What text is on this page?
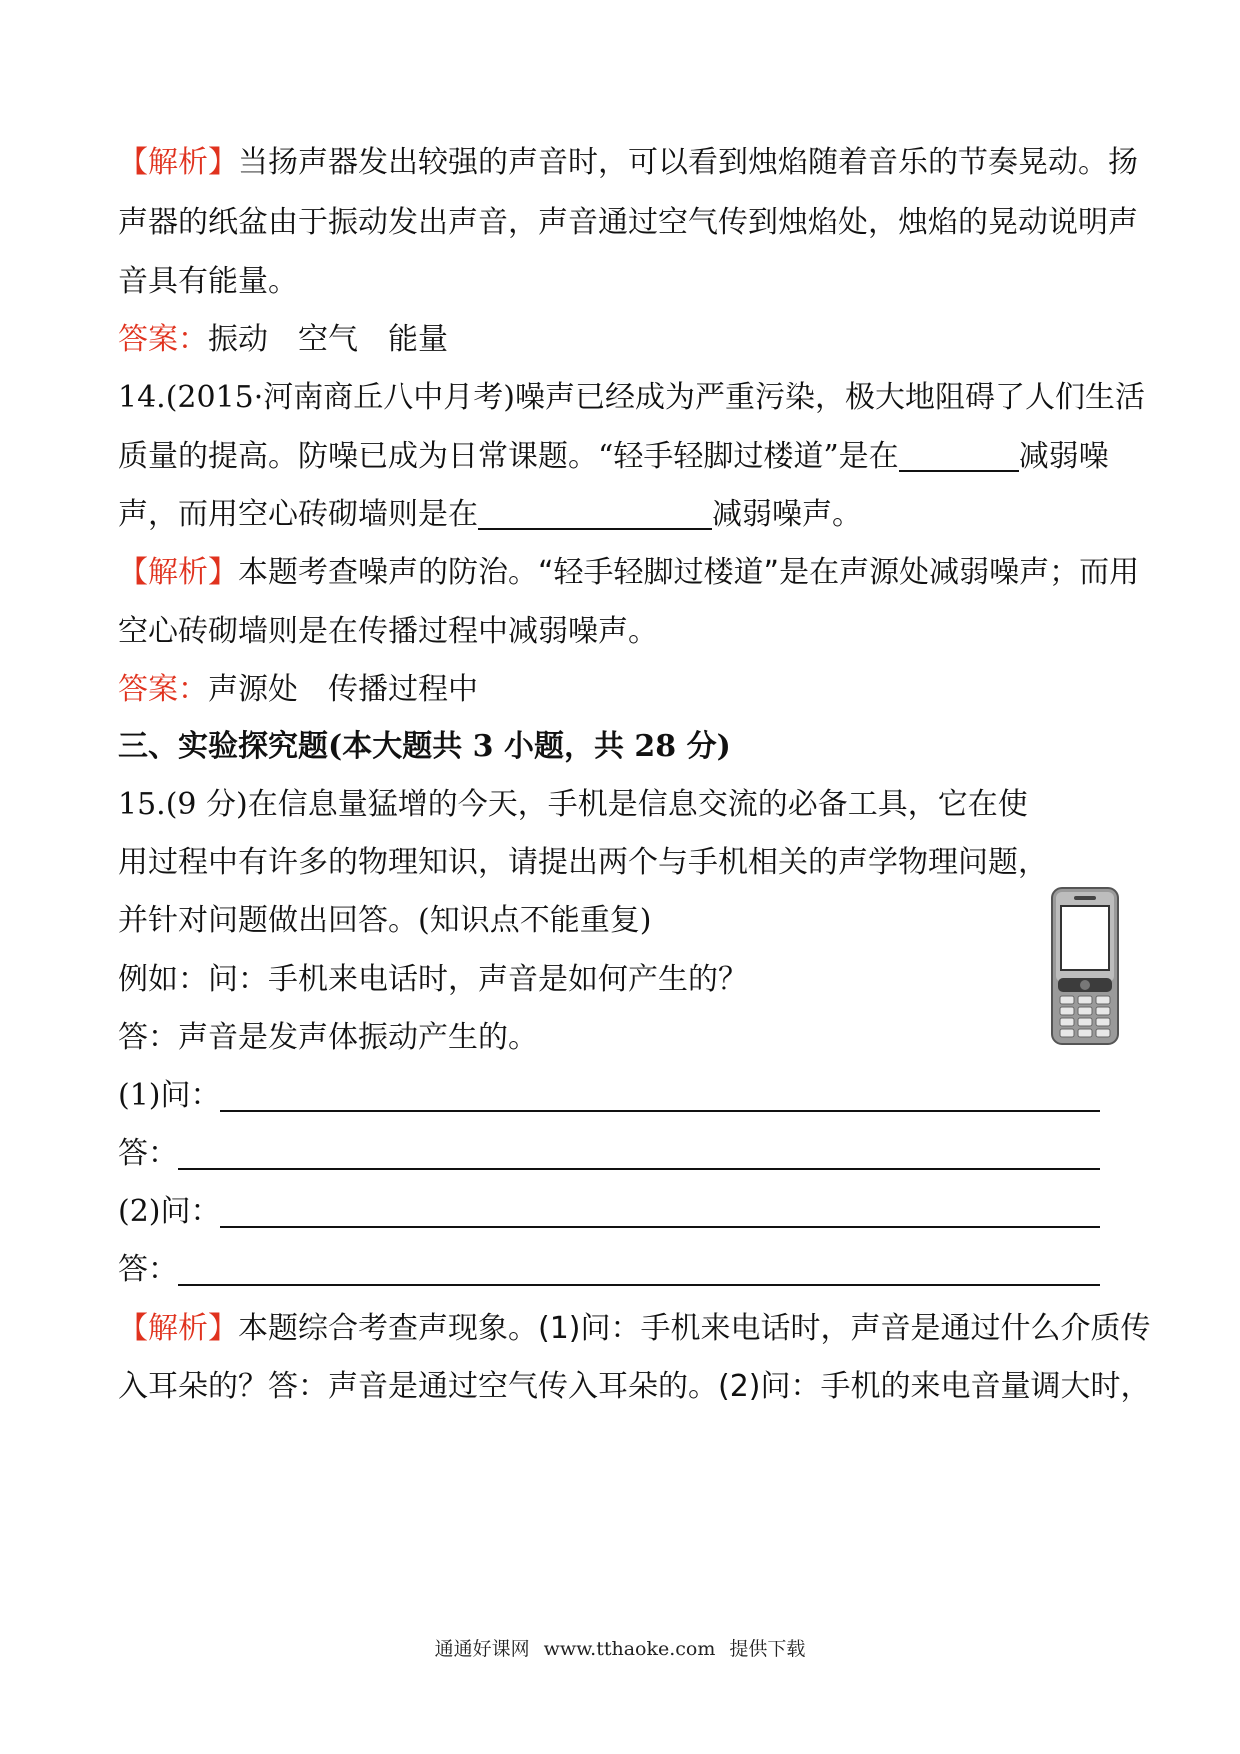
【解析】当扬声器发出较强的声音时，可以看到烛焰随着音乐的节奏晃动。扬
声器的纸盆由于振动发出声音，声音通过空气传到烛焰处，烛焰的晃动说明声
音具有能量。
答案：振动　空气　能量
14.(2015·河南商丘八中月考)噪声已经成为严重污染，极大地阻碍了人们生活
质量的提高。防噪已成为日常课题。“轻手轻脚过楼道”是在	减弱噪
声，而用空心砖砌墙则是在	减弱噪声。
【解析】本题考查噪声的防治。“轻手轻脚过楼道”是在声源处减弱噪声；而用
空心砖砌墙则是在传播过程中减弱噪声。
答案：声源处　传播过程中
三、实验探究题(本大题共 3 小题，共 28 分)
15.(9 分)在信息量猛增的今天，手机是信息交流的必备工具，它在使
用过程中有许多的物理知识，请提出两个与手机相关的声学物理问题，
并针对问题做出回答。(知识点不能重复)
例如：问：手机来电话时，声音是如何产生的？
答：声音是发声体振动产生的。
(1)问：
答：
(2)问：
答：
【解析】本题综合考查声现象。(1)问：手机来电话时，声音是通过什么介质传
入耳朵的？答：声音是通过空气传入耳朵的。(2)问：手机的来电音量调大时，
通通好课网 www.tthaoke.com 提供下载
